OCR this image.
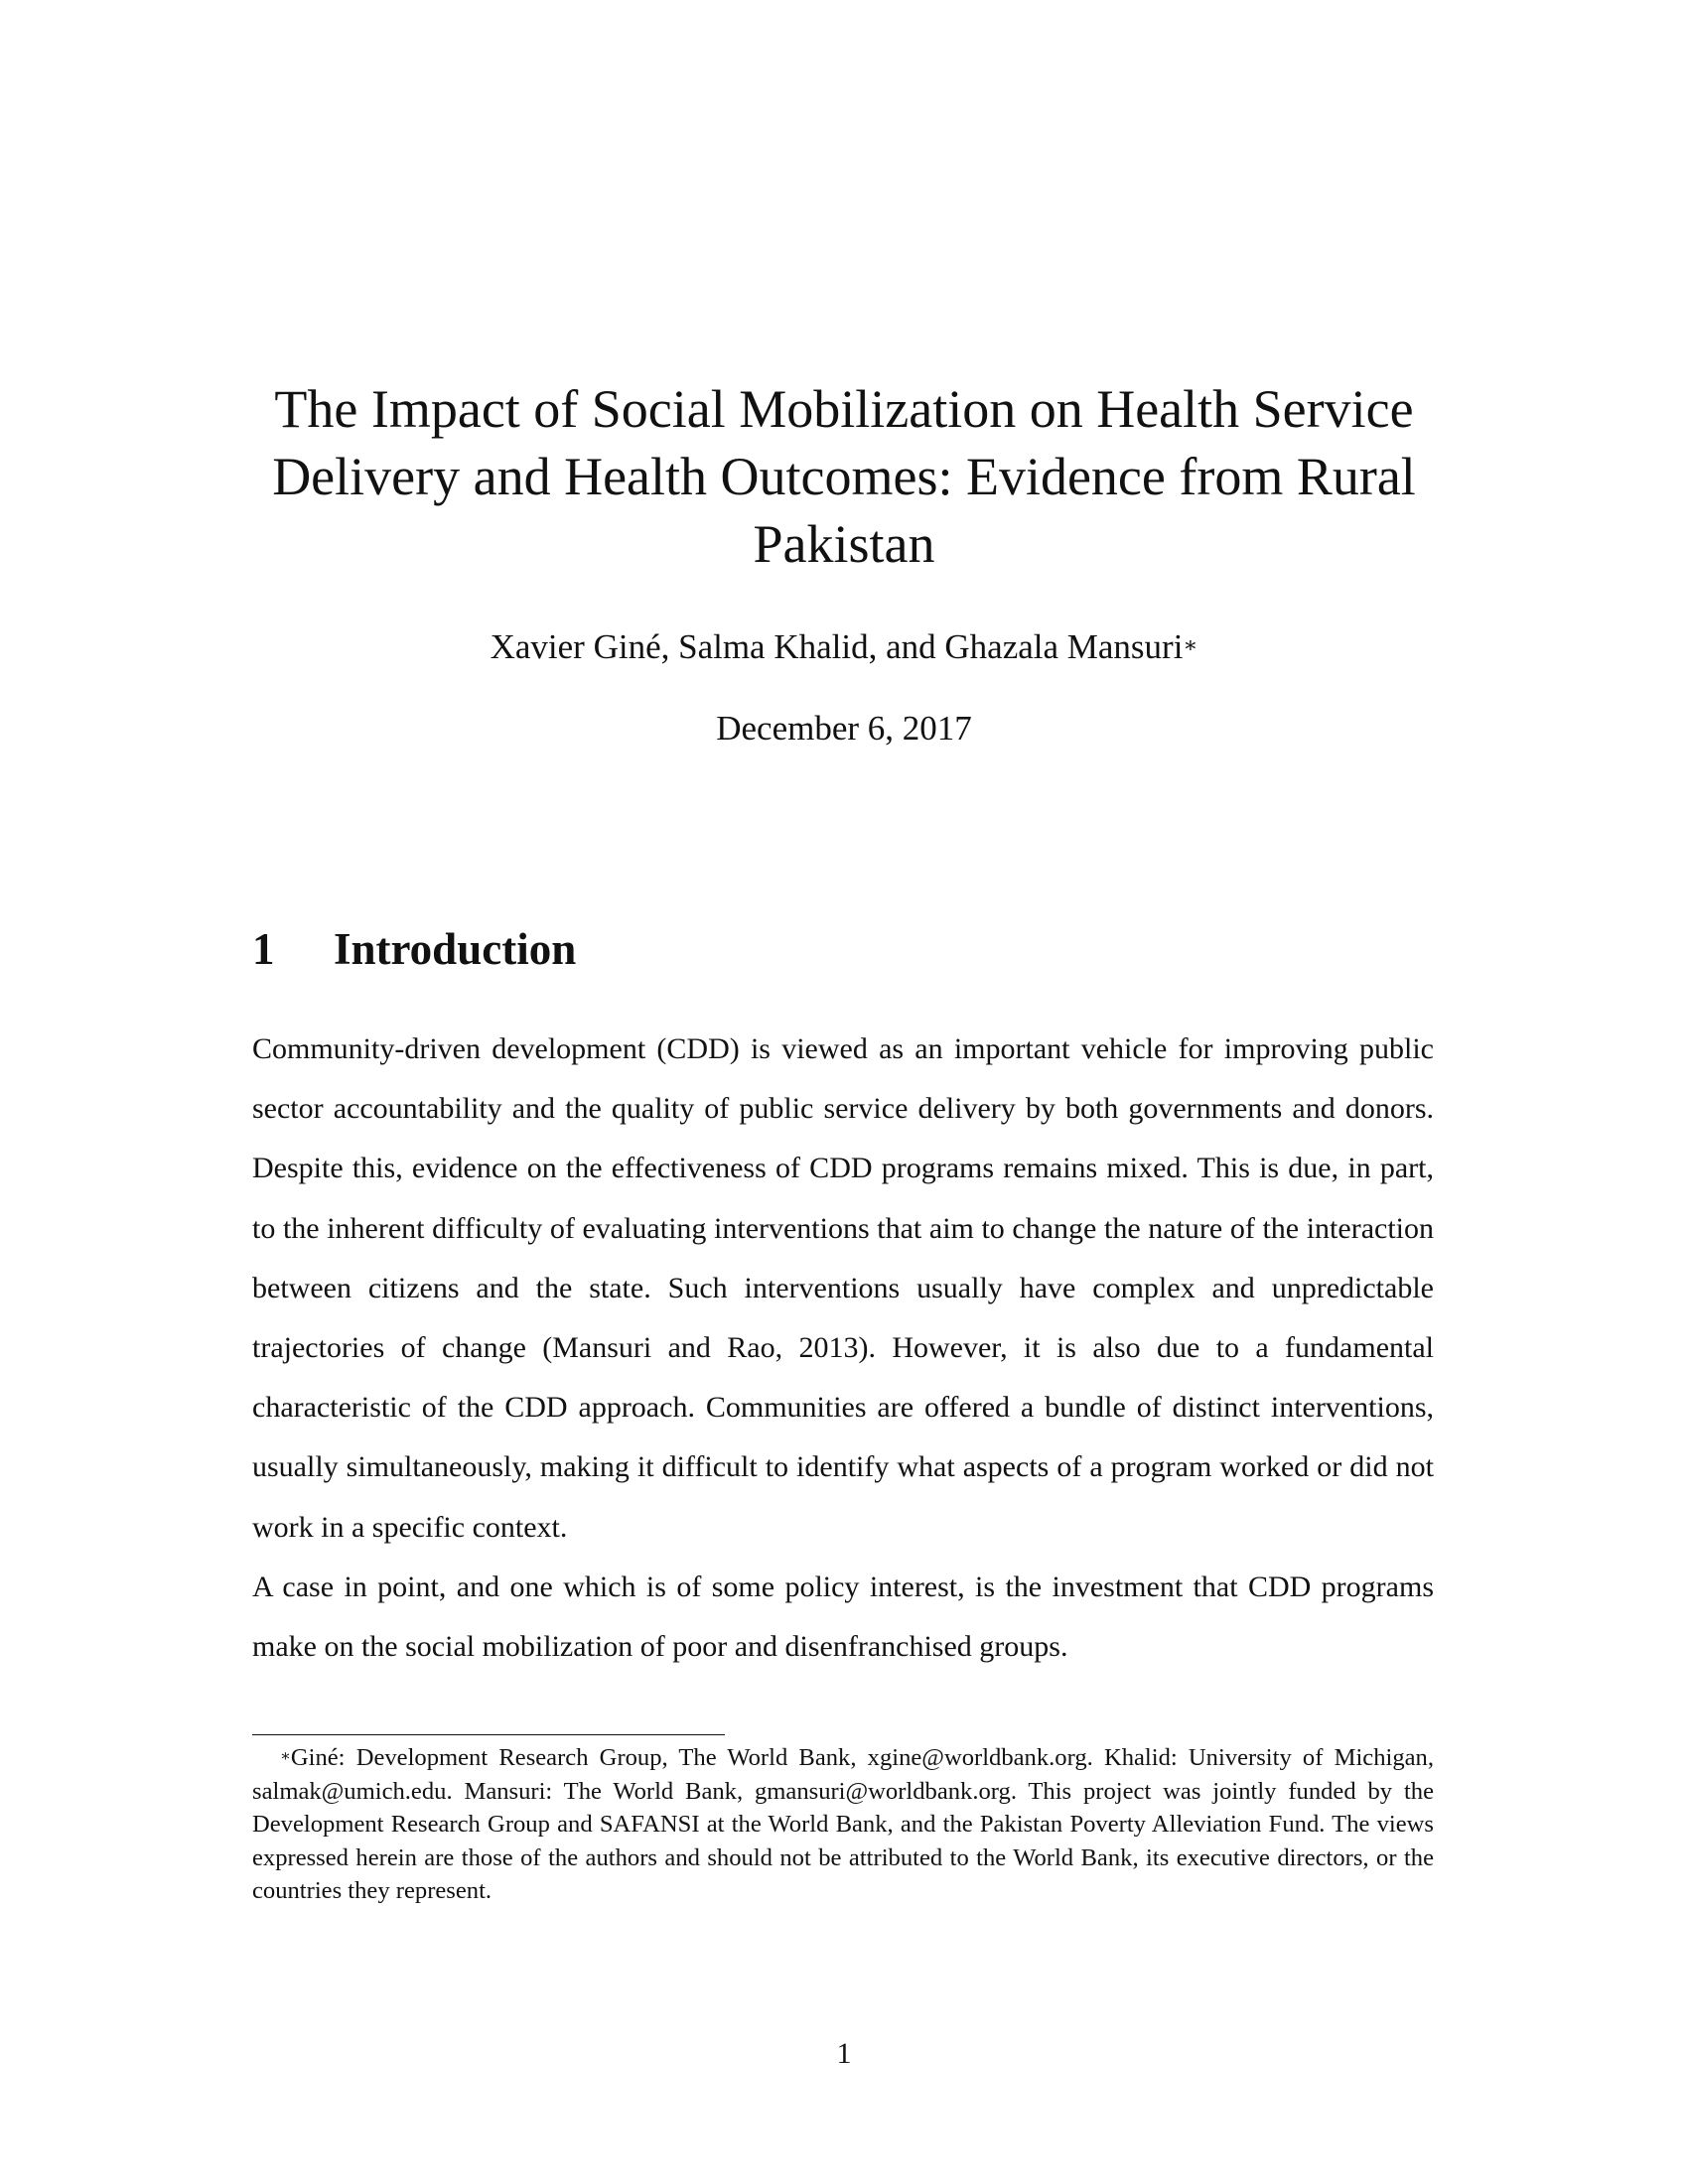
The Impact of Social Mobilization on Health Service Delivery and Health Outcomes: Evidence from Rural Pakistan
Xavier Giné, Salma Khalid, and Ghazala Mansuri∗
December 6, 2017
1 Introduction

Community-driven development (CDD) is viewed as an important vehicle for improving public sector accountability and the quality of public service delivery by both governments and donors. Despite this, evidence on the effectiveness of CDD programs remains mixed. This is due, in part, to the inherent difficulty of evaluating interventions that aim to change the nature of the interaction between citizens and the state. Such interventions usually have complex and unpredictable trajectories of change (Mansuri and Rao, 2013). However, it is also due to a fundamental characteristic of the CDD approach. Communities are offered a bundle of distinct interventions, usually simultaneously, making it difficult to identify what aspects of a program worked or did not work in a specific context.

A case in point, and one which is of some policy interest, is the investment that CDD programs make on the social mobilization of poor and disenfranchised groups.

∗Giné: Development Research Group, The World Bank, xgine@worldbank.org. Khalid: University of Michigan, salmak@umich.edu. Mansuri: The World Bank, gmansuri@worldbank.org. This project was jointly funded by the Development Research Group and SAFANSI at the World Bank, and the Pakistan Poverty Alleviation Fund. The views expressed herein are those of the authors and should not be attributed to the World Bank, its executive directors, or the countries they represent.
1
